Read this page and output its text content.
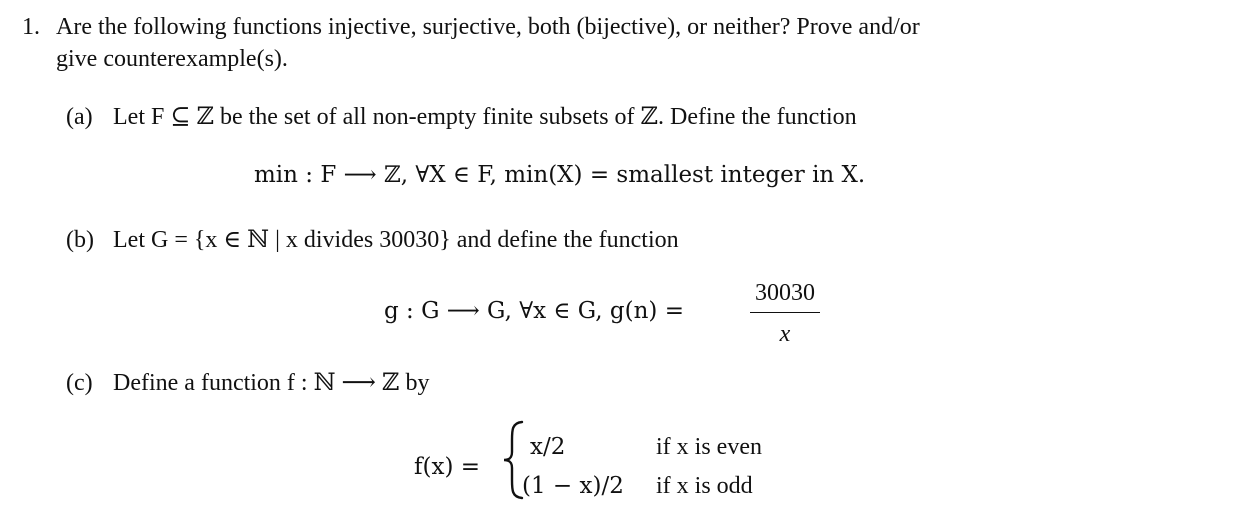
1. Are the following functions injective, surjective, both (bijective), or neither? Prove and/or
give counterexample(s).
(a) Let F ⊆ ℤ be the set of all non-empty finite subsets of ℤ. Define the function
min : F ⟶ ℤ, ∀X ∈ F, min(X) = smallest integer in X.
(b) Let G = {x ∈ ℕ | x divides 30030} and define the function
g : G ⟶ G, ∀x ∈ G, g(n) =
30030
x
(c) Define a function f : ℕ ⟶ ℤ by
f(x) =
x/2	if x is even
(1 − x)/2 if x is odd
